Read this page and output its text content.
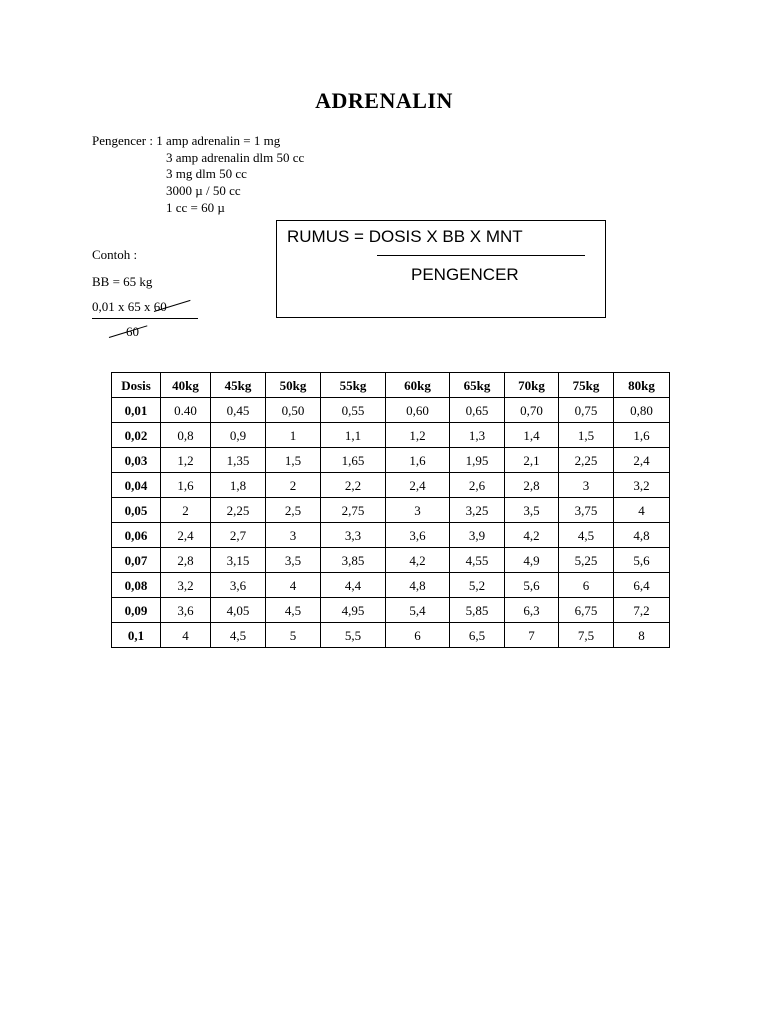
ADRENALIN
Pengencer : 1 amp adrenalin = 1 mg
3 amp adrenalin dlm 50 cc
3 mg dlm 50 cc
3000 µ / 50 cc
1 cc = 60 µ
RUMUS = DOSIS X BB X MNT
PENGENCER
Contoh :
BB = 65 kg
0,01 x 65 x 60
60
Dosis	40kg	45kg	50kg	55kg	60kg	65kg	70kg	75kg	80kg
0,01	0.40	0,45	0,50	0,55	0,60	0,65	0,70	0,75	0,80
0,02	0,8	0,9	1	1,1	1,2	1,3	1,4	1,5	1,6
0,03	1,2	1,35	1,5	1,65	1,6	1,95	2,1	2,25	2,4
0,04	1,6	1,8	2	2,2	2,4	2,6	2,8	3	3,2
0,05	2	2,25	2,5	2,75	3	3,25	3,5	3,75	4
0,06	2,4	2,7	3	3,3	3,6	3,9	4,2	4,5	4,8
0,07	2,8	3,15	3,5	3,85	4,2	4,55	4,9	5,25	5,6
0,08	3,2	3,6	4	4,4	4,8	5,2	5,6	6	6,4
0,09	3,6	4,05	4,5	4,95	5,4	5,85	6,3	6,75	7,2
0,1	4	4,5	5	5,5	6	6,5	7	7,5	8
